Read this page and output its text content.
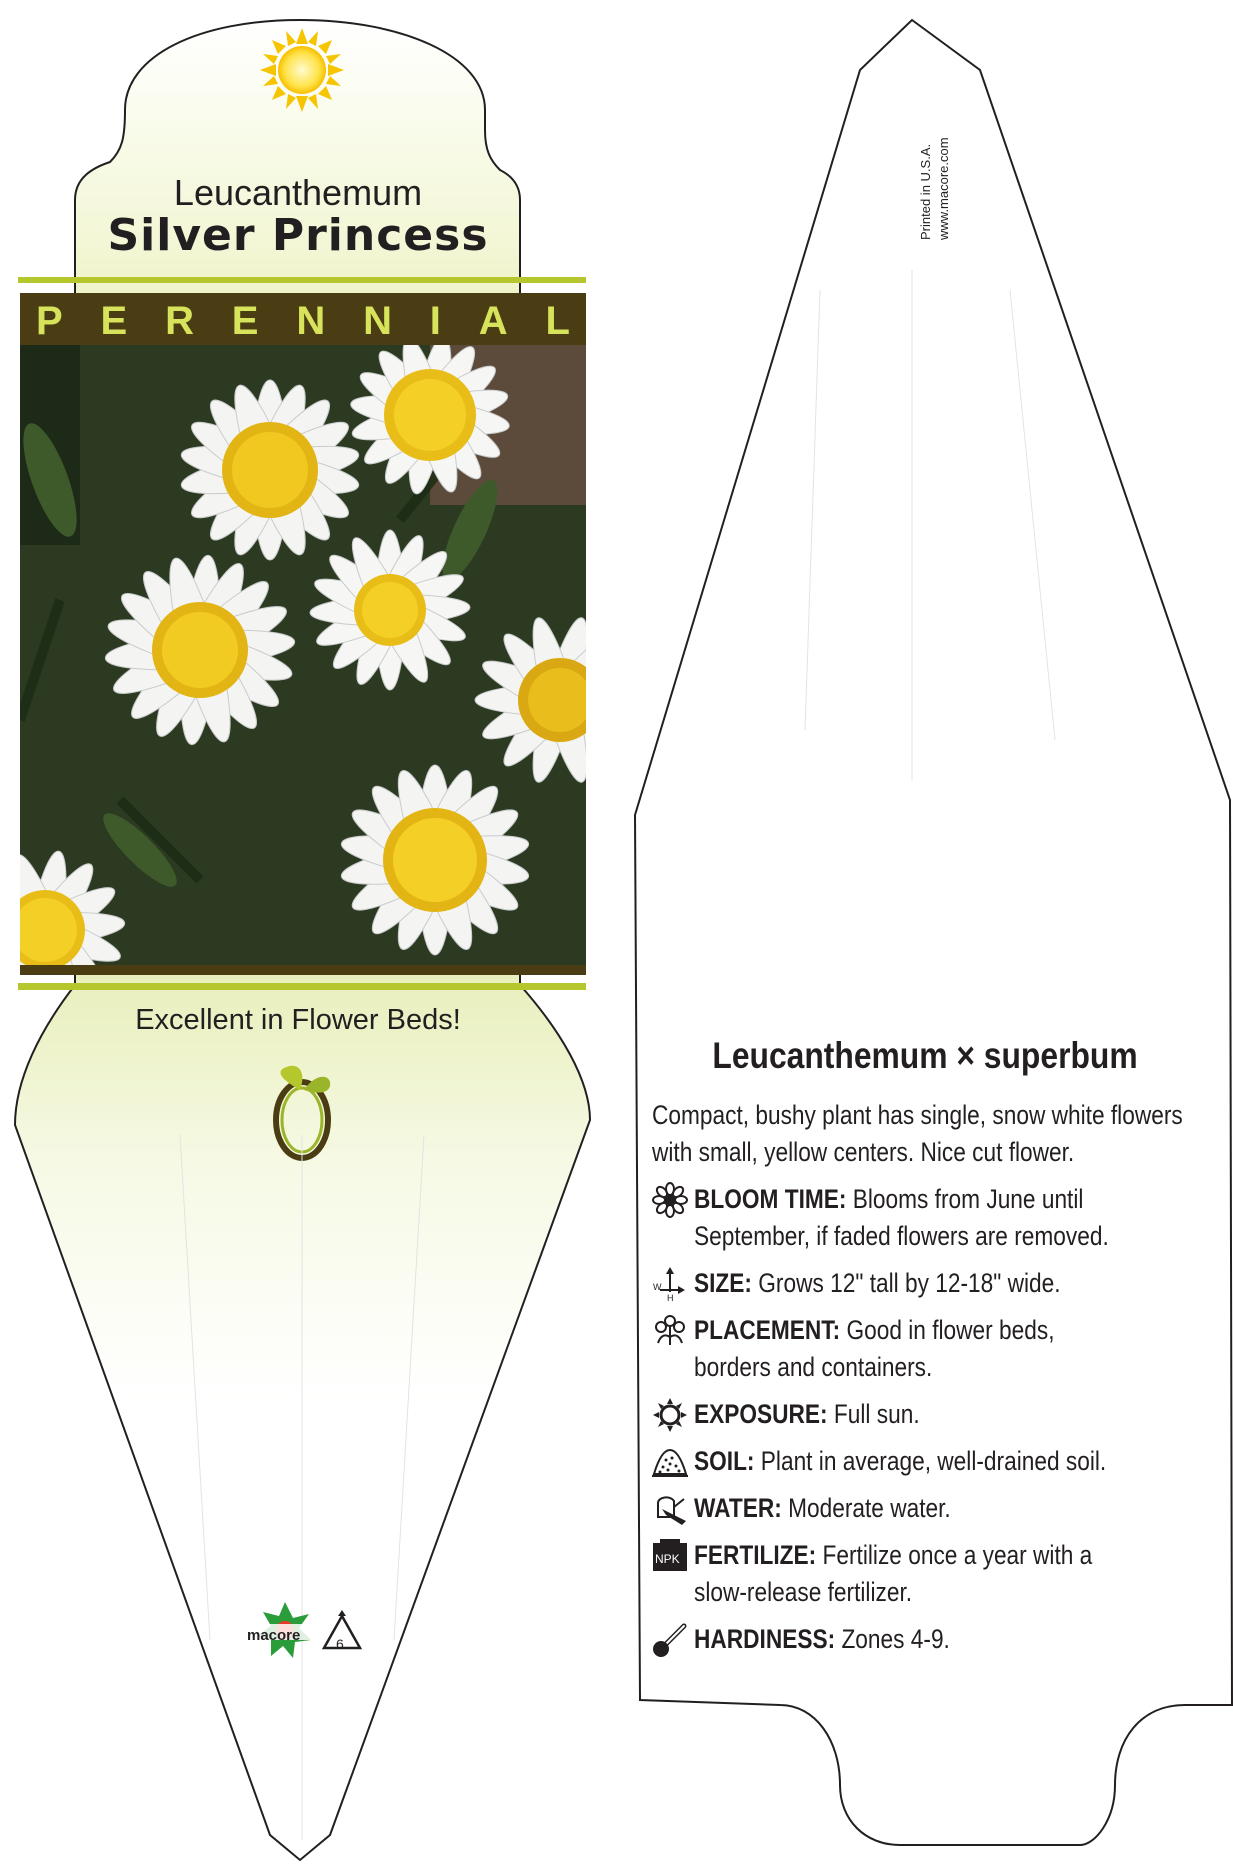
macore	6
Leucanthemum
Silver Princess
P E R E N N I A L
Excellent in Flower Beds!
Printed in U.S.A. www.macore.com
Leucanthemum × superbum
Compact, bushy plant has single, snow white flowers with small, yellow centers. Nice cut flower.
BLOOM TIME: Blooms from June until September, if faded flowers are removed.
W
H SIZE: Grows 12" tall by 12-18" wide.
PLACEMENT: Good in flower beds, borders and containers.
EXPOSURE: Full sun.
SOIL: Plant in average, well-drained soil.
WATER: Moderate water.
NPK FERTILIZE: Fertilize once a year with a slow-release fertilizer.
HARDINESS: Zones 4-9.
